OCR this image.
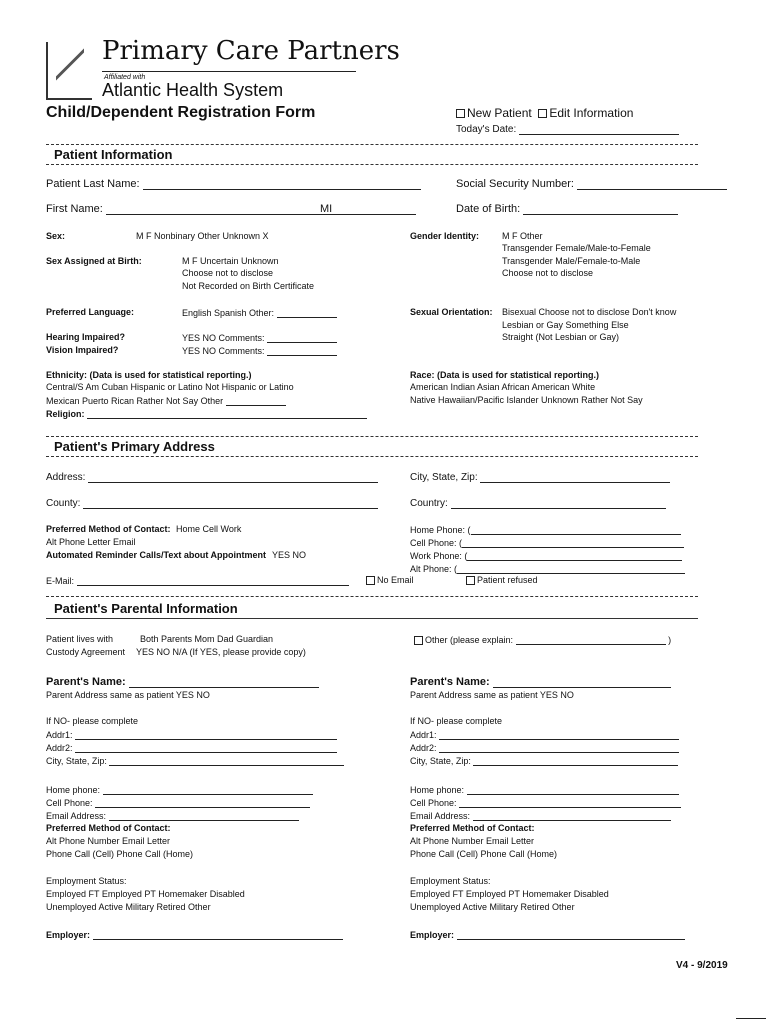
Primary Care Partners
Affiliated with
Atlantic Health System
Child/Dependent Registration Form	New Patient Edit Information
Today's Date:
Patient Information
Patient Last Name:	Social Security Number:
First Name:	MI	Date of Birth:
Sex:	M F Nonbinary Other Unknown X	Gender Identity:	M F Other
Transgender Female/Male-to-Female
Transgender Male/Female-to-Male
Choose not to disclose
Sex Assigned at Birth:	M F Uncertain Unknown
Choose not to disclose
Not Recorded on Birth Certificate
Preferred Language:	English Spanish Other:	Sexual Orientation: Bisexual Choose not to disclose Don't know
Lesbian or Gay Something Else
Straight (Not Lesbian or Gay)
Hearing Impaired?	YES NO Comments:
Vision Impaired?	YES NO Comments:
Ethnicity: (Data is used for statistical reporting.)
Central/S Am Cuban Hispanic or Latino Not Hispanic or Latino
Mexican Puerto Rican Rather Not Say Other
Religion:
Race: (Data is used for statistical reporting.)
American Indian Asian African American White
Native Hawaiian/Pacific Islander Unknown Rather Not Say
Patient's Primary Address
Address:	City, State, Zip:
County:	Country:
Preferred Method of Contact: Home Cell Work
Alt Phone Letter Email
Automated Reminder Calls/Text about Appointment YES NO
Home Phone: (
Cell Phone: (
Work Phone: (
Alt Phone: (
E-Mail:	No Email	Patient refused
Patient's Parental Information
Patient lives with	Both Parents Mom Dad Guardian	Other (please explain:	)
Custody Agreement YES NO N/A (If YES, please provide copy)
Parent's Name:
Parent Address same as patient YES NO
If NO- please complete
Addr1:
Addr2:
City, State, Zip:
Home phone:
Cell Phone:
Email Address:
Preferred Method of Contact:
Alt Phone Number Email Letter
Phone Call (Cell) Phone Call (Home)
Employment Status:
Employed FT Employed PT Homemaker Disabled
Unemployed Active Military Retired Other
Employer:
Parent's Name:
Parent Address same as patient YES NO
If NO- please complete
Addr1:
Addr2:
City, State, Zip:
Home phone:
Cell Phone:
Email Address:
Preferred Method of Contact:
Alt Phone Number Email Letter
Phone Call (Cell) Phone Call (Home)
Employment Status:
Employed FT Employed PT Homemaker Disabled
Unemployed Active Military Retired Other
Employer:
V4 - 9/2019
